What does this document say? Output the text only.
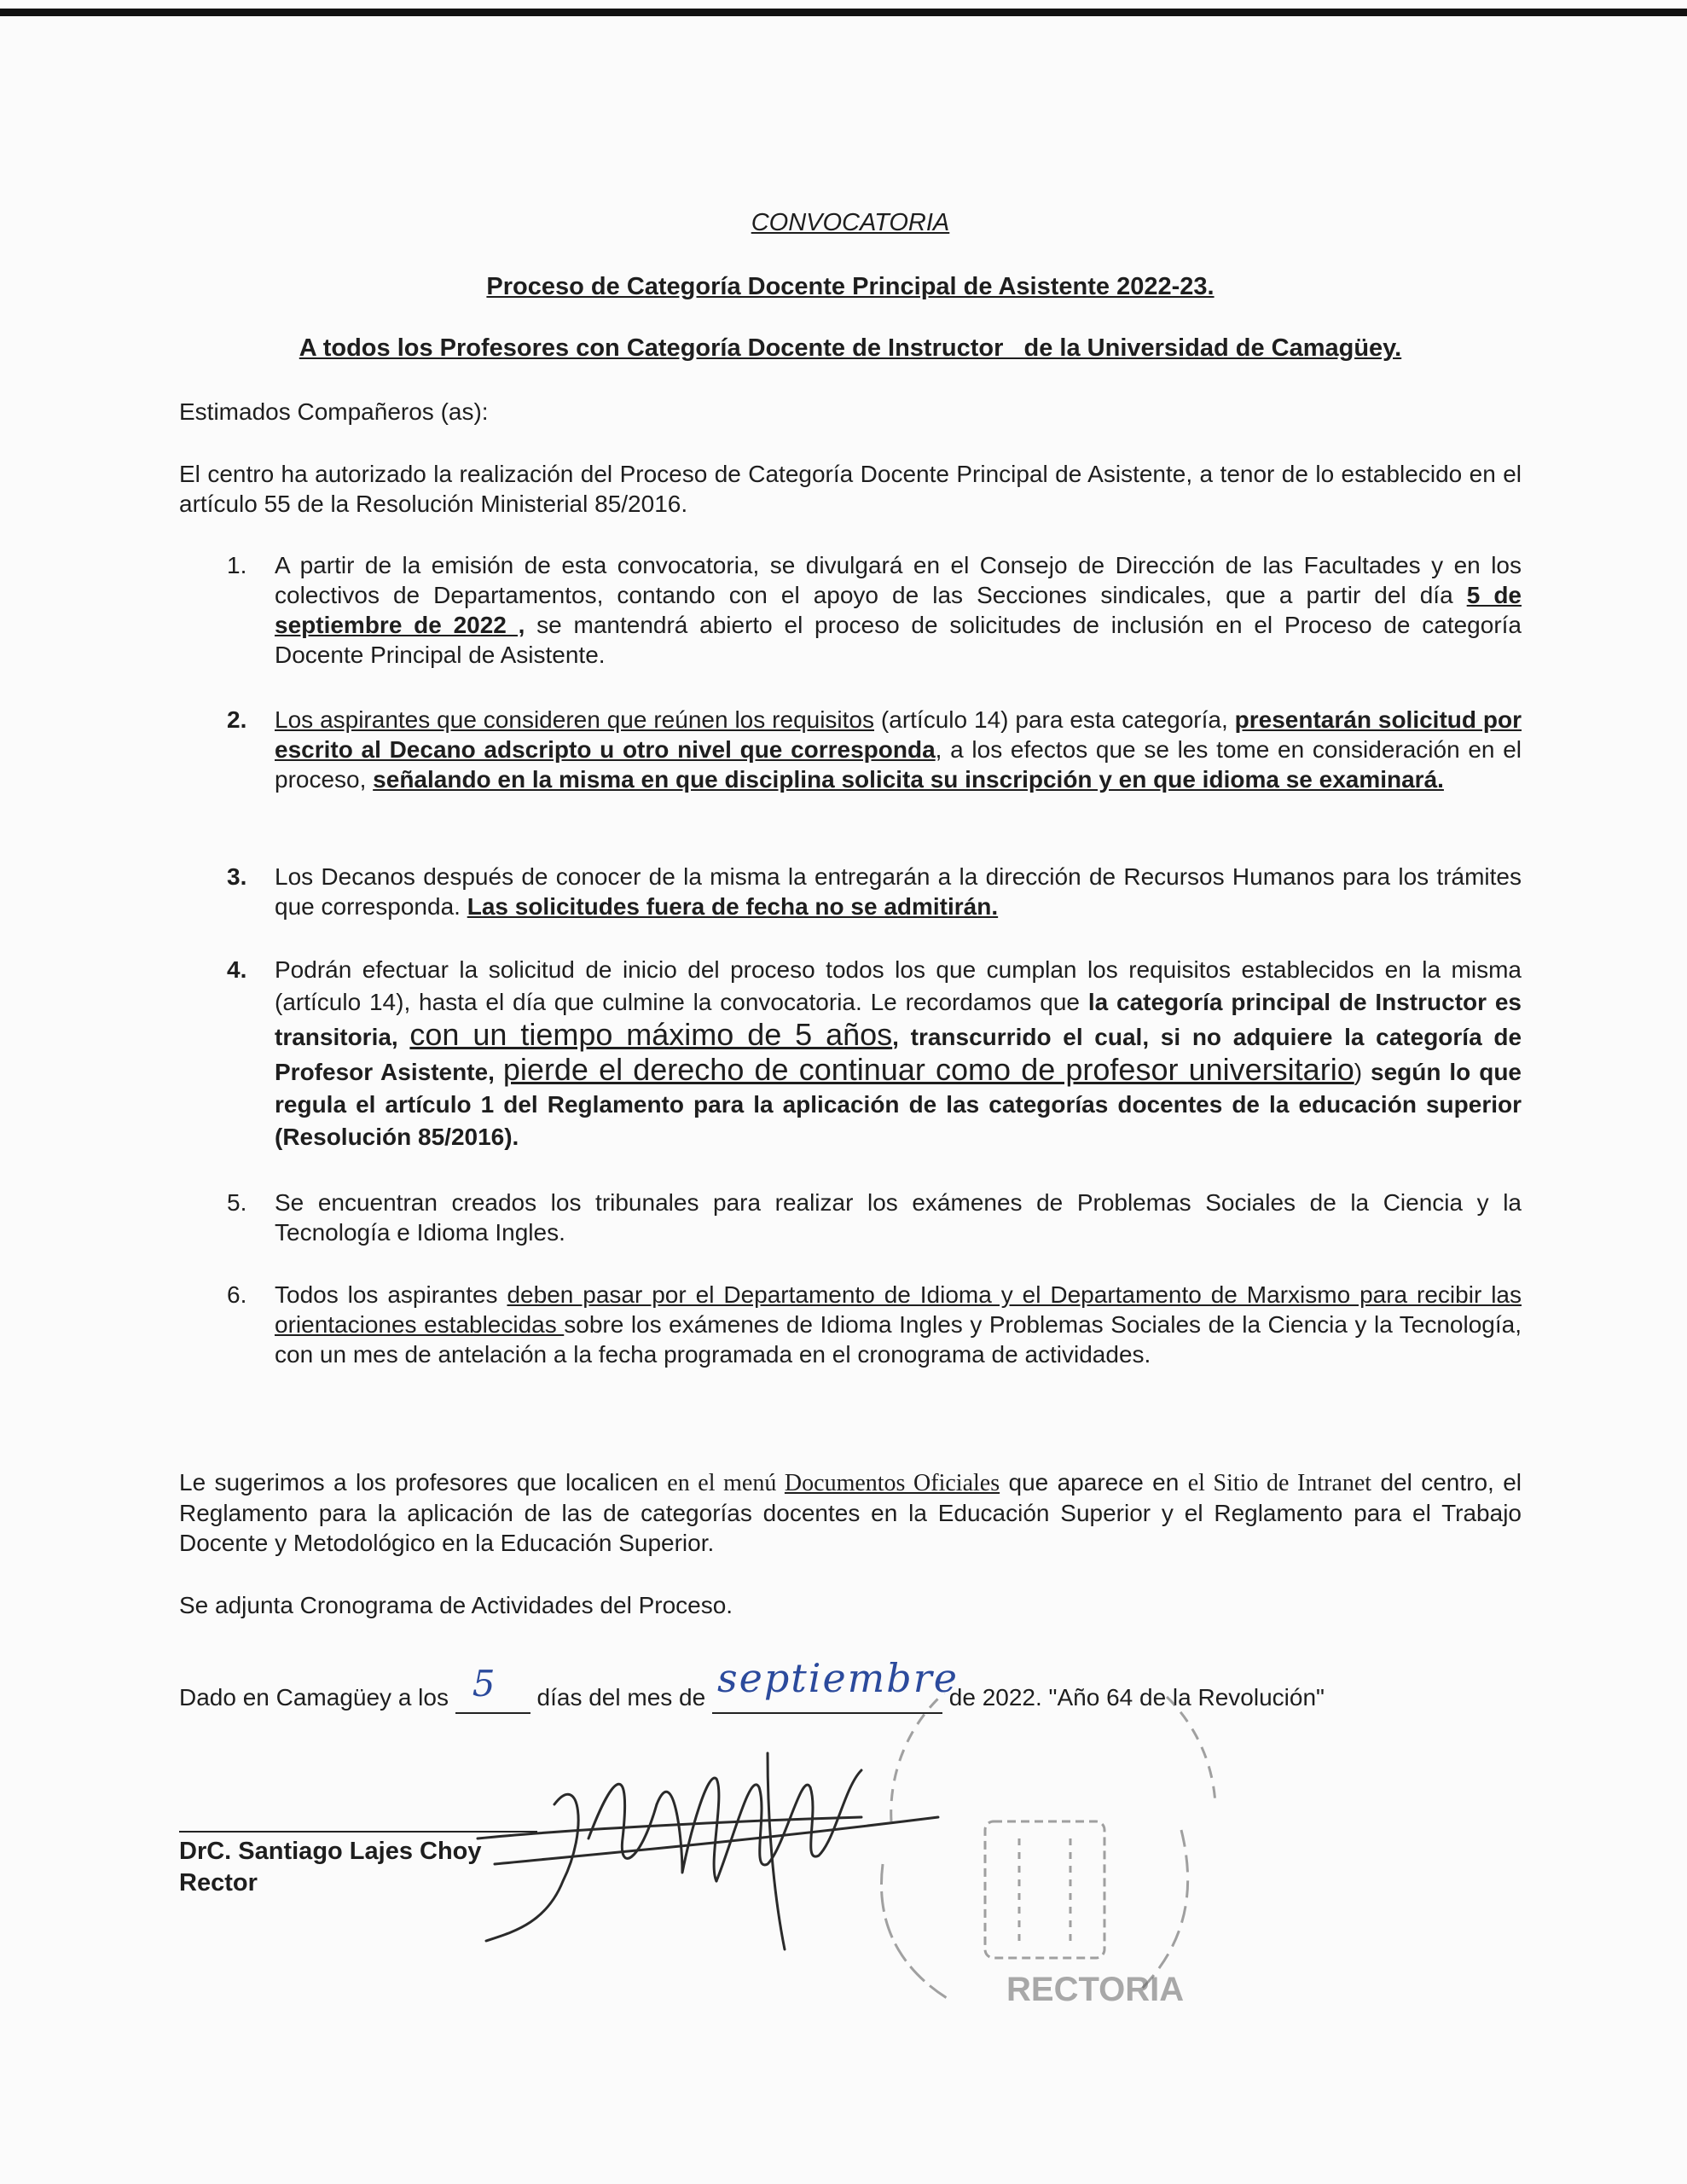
CONVOCATORIA
Proceso de Categoría Docente Principal de Asistente 2022-23.
A todos los Profesores con Categoría Docente de Instructor   de la Universidad de Camagüey.
Estimados Compañeros (as):
El centro ha autorizado la realización del Proceso de Categoría Docente Principal de Asistente, a tenor de lo establecido en el artículo 55 de la Resolución Ministerial 85/2016.
1.	A partir de la emisión de esta convocatoria, se divulgará en el Consejo de Dirección de las Facultades y en los colectivos de Departamentos, contando con el apoyo de las Secciones sindicales, que a partir del día 5 de septiembre de 2022 , se mantendrá abierto el proceso de solicitudes de inclusión en el Proceso de categoría Docente Principal de Asistente.
2.	Los aspirantes que consideren que reúnen los requisitos (artículo 14) para esta categoría, presentarán solicitud por escrito al Decano adscripto u otro nivel que corresponda, a los efectos que se les tome en consideración en el proceso, señalando en la misma en que disciplina solicita su inscripción y en que idioma se examinará.
3.	Los Decanos después de conocer de la misma la entregarán a la dirección de Recursos Humanos para los trámites que corresponda. Las solicitudes fuera de fecha no se admitirán.
4.	Podrán efectuar la solicitud de inicio del proceso todos los que cumplan los requisitos establecidos en la misma (artículo 14), hasta el día que culmine la convocatoria. Le recordamos que la categoría principal de Instructor es transitoria, con un tiempo máximo de 5 años, transcurrido el cual, si no adquiere la categoría de Profesor Asistente, pierde el derecho de continuar como de profesor universitario) según lo que regula el artículo 1 del Reglamento para la aplicación de las categorías docentes de la educación superior (Resolución 85/2016).
5.	Se encuentran creados los tribunales para realizar los exámenes de Problemas Sociales de la Ciencia y la Tecnología e Idioma Ingles.
6.	Todos los aspirantes deben pasar por el Departamento de Idioma y el Departamento de Marxismo para recibir las orientaciones establecidas sobre los exámenes de Idioma Ingles y Problemas Sociales de la Ciencia y la Tecnología, con un mes de antelación a la fecha programada en el cronograma de actividades.
Le sugerimos a los profesores que localicen en el menú Documentos Oficiales que aparece en el Sitio de Intranet del centro, el Reglamento para la aplicación de las de categorías docentes en la Educación Superior y el Reglamento para el Trabajo Docente y Metodológico en la Educación Superior.
Se adjunta Cronograma de Actividades del Proceso.
Dado en Camagüey a los 5 días del mes de septiembre
de 2022. "Año 64 de la Revolución"
DrC. Santiago Lajes Choy
Rector
RECTORIA
